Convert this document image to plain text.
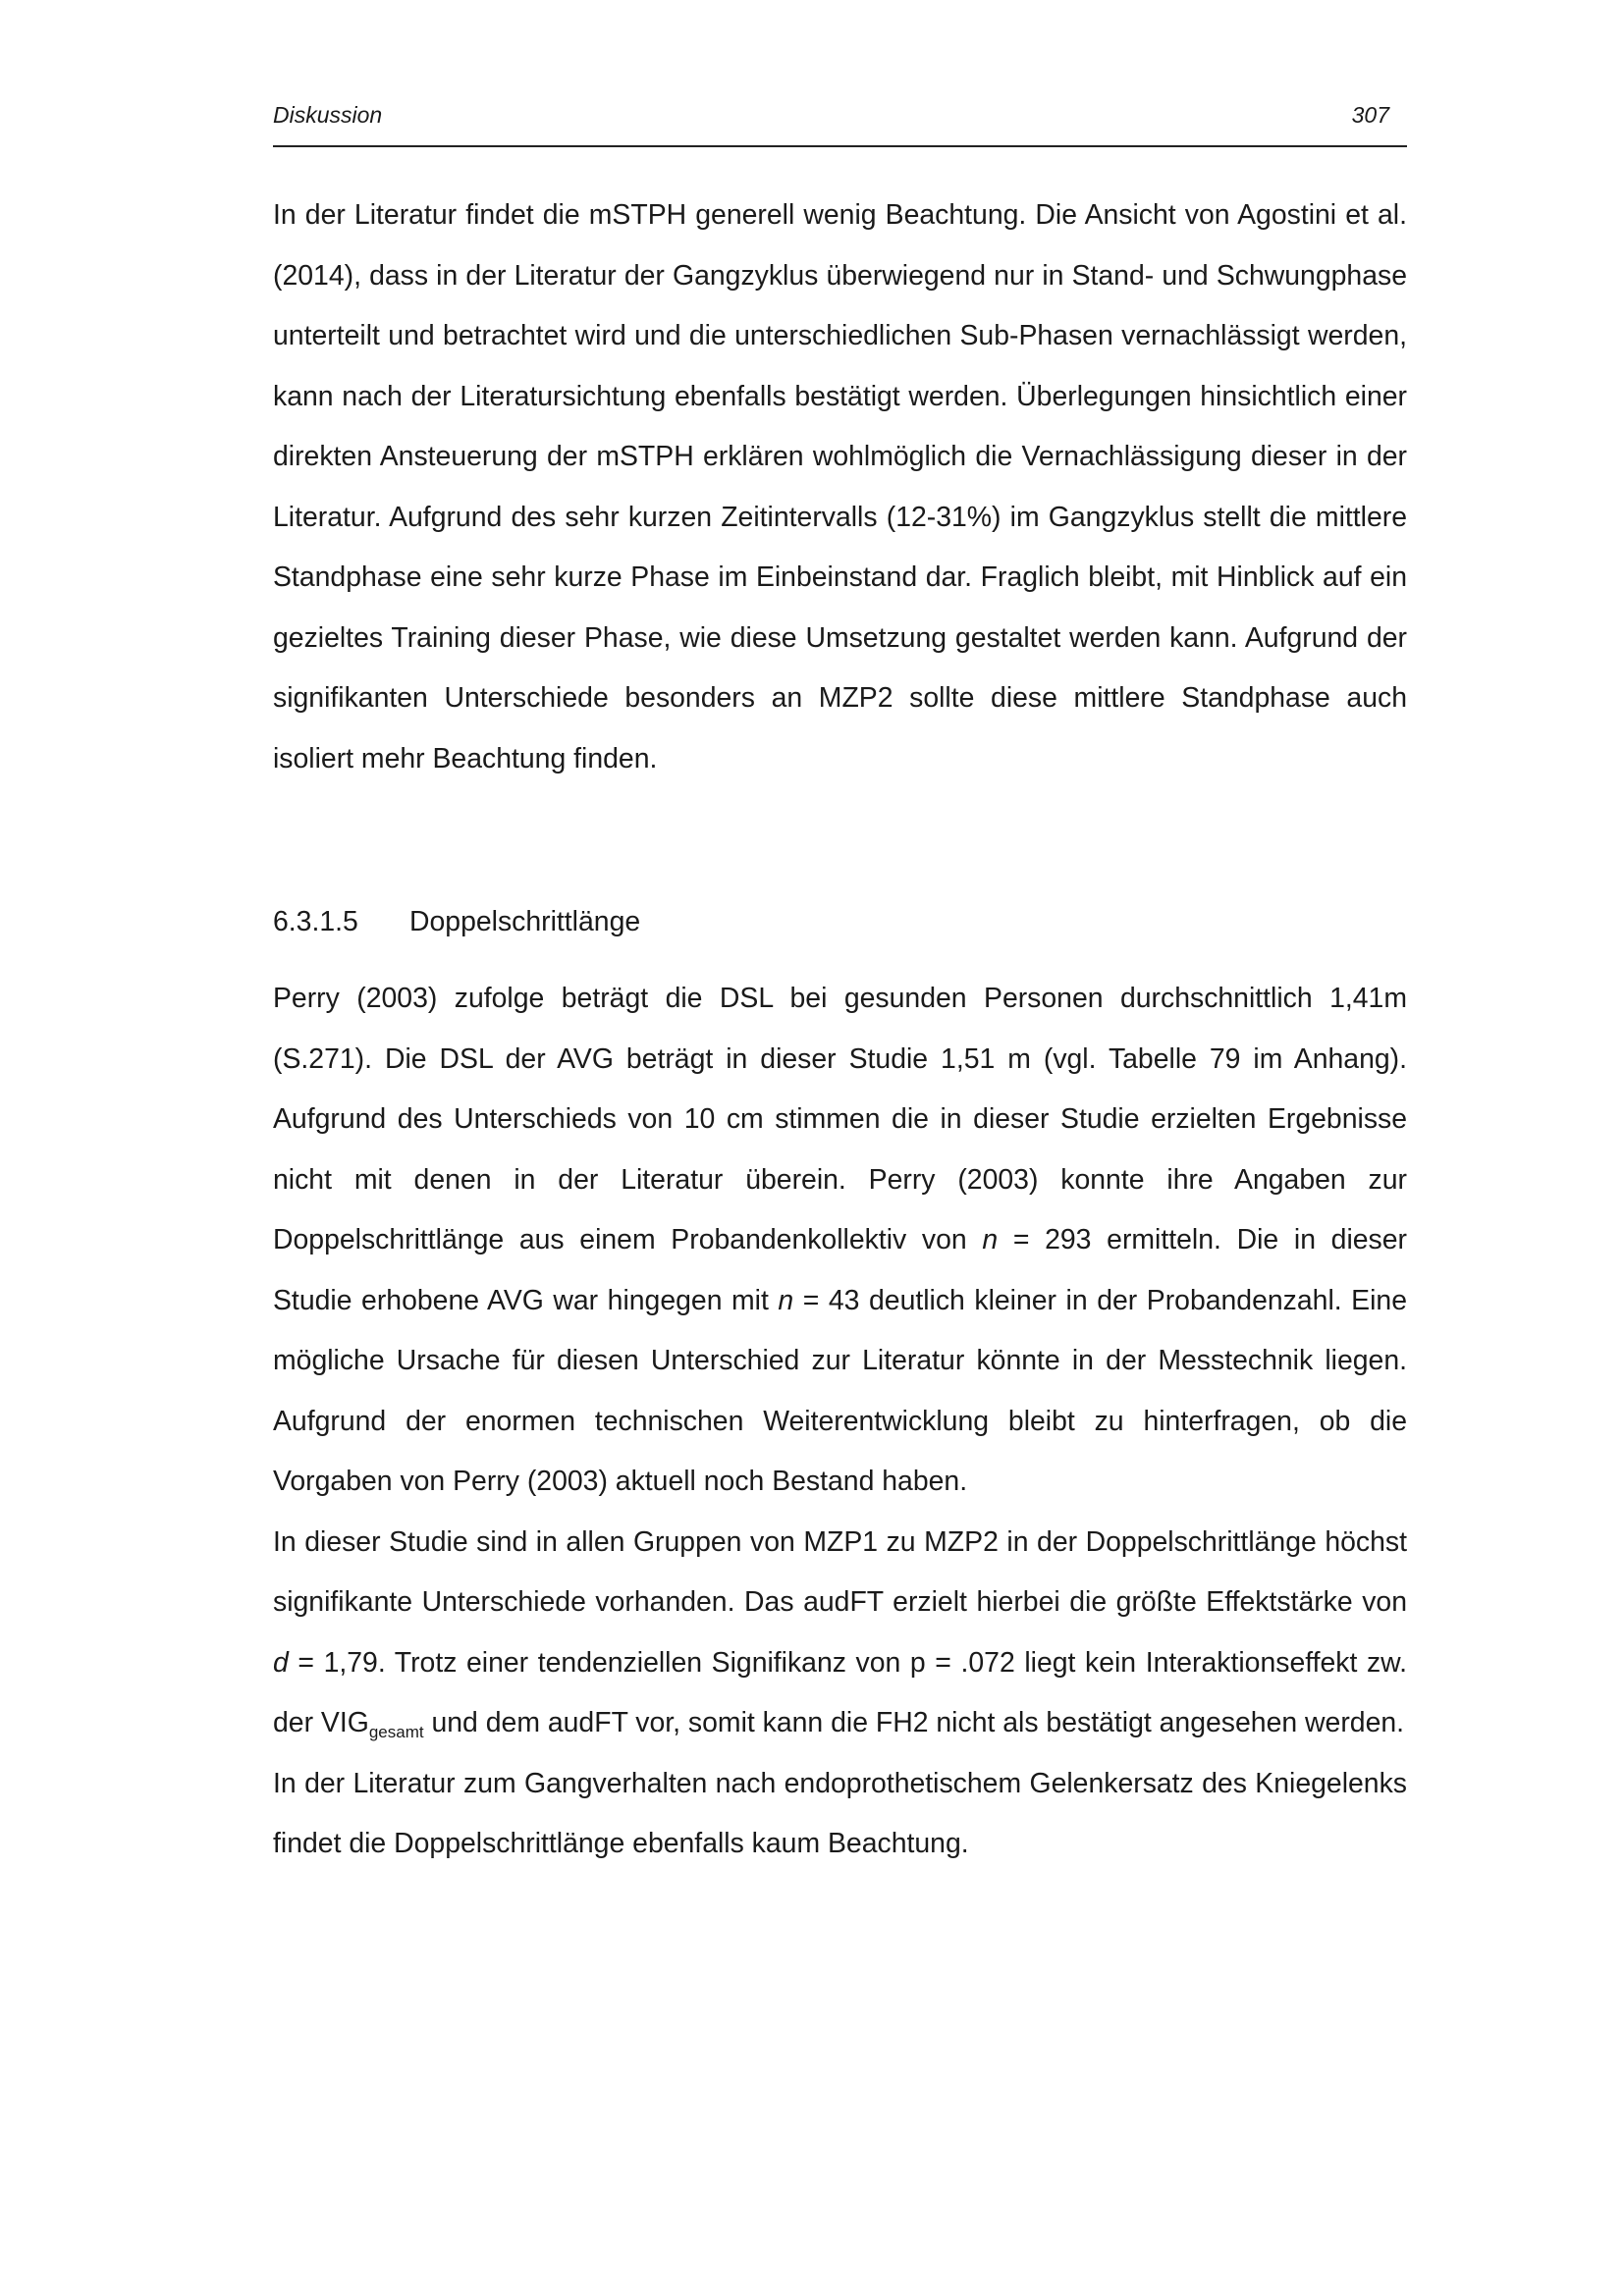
Diskussion	307

In der Literatur findet die mSTPH generell wenig Beachtung. Die Ansicht von Agostini et al. (2014), dass in der Literatur der Gangzyklus überwiegend nur in Stand- und Schwungphase unterteilt und betrachtet wird und die unterschiedlichen Sub-Phasen vernachlässigt werden, kann nach der Literatursichtung ebenfalls bestätigt werden. Überlegungen hinsichtlich einer direkten Ansteuerung der mSTPH erklären wohlmöglich die Vernachlässigung dieser in der Literatur. Aufgrund des sehr kurzen Zeitintervalls (12-31%) im Gangzyklus stellt die mittlere Standphase eine sehr kurze Phase im Einbeinstand dar. Fraglich bleibt, mit Hinblick auf ein gezieltes Training dieser Phase, wie diese Umsetzung gestaltet werden kann. Aufgrund der signifikanten Unterschiede besonders an MZP2 sollte diese mittlere Standphase auch isoliert mehr Beachtung finden.

6.3.1.5 Doppelschrittlänge

Perry (2003) zufolge beträgt die DSL bei gesunden Personen durchschnittlich 1,41m (S.271). Die DSL der AVG beträgt in dieser Studie 1,51 m (vgl. Tabelle 79 im Anhang). Aufgrund des Unterschieds von 10 cm stimmen die in dieser Studie erzielten Ergebnisse nicht mit denen in der Literatur überein. Perry (2003) konnte ihre Angaben zur Doppelschrittlänge aus einem Probandenkollektiv von n = 293 ermitteln. Die in dieser Studie erhobene AVG war hingegen mit n = 43 deutlich kleiner in der Probandenzahl. Eine mögliche Ursache für diesen Unterschied zur Literatur könnte in der Messtechnik liegen. Aufgrund der enormen technischen Weiterentwicklung bleibt zu hinterfragen, ob die Vorgaben von Perry (2003) aktuell noch Bestand haben.

In dieser Studie sind in allen Gruppen von MZP1 zu MZP2 in der Doppelschrittlänge höchst signifikante Unterschiede vorhanden. Das audFT erzielt hierbei die größte Effektstärke von d = 1,79. Trotz einer tendenziellen Signifikanz von p = .072 liegt kein Interaktionseffekt zw. der $VIG_{gesamt}$ und dem audFT vor, somit kann die FH2 nicht als bestätigt angesehen werden.

In der Literatur zum Gangverhalten nach endoprothetischem Gelenkersatz des Kniegelenks findet die Doppelschrittlänge ebenfalls kaum Beachtung.
